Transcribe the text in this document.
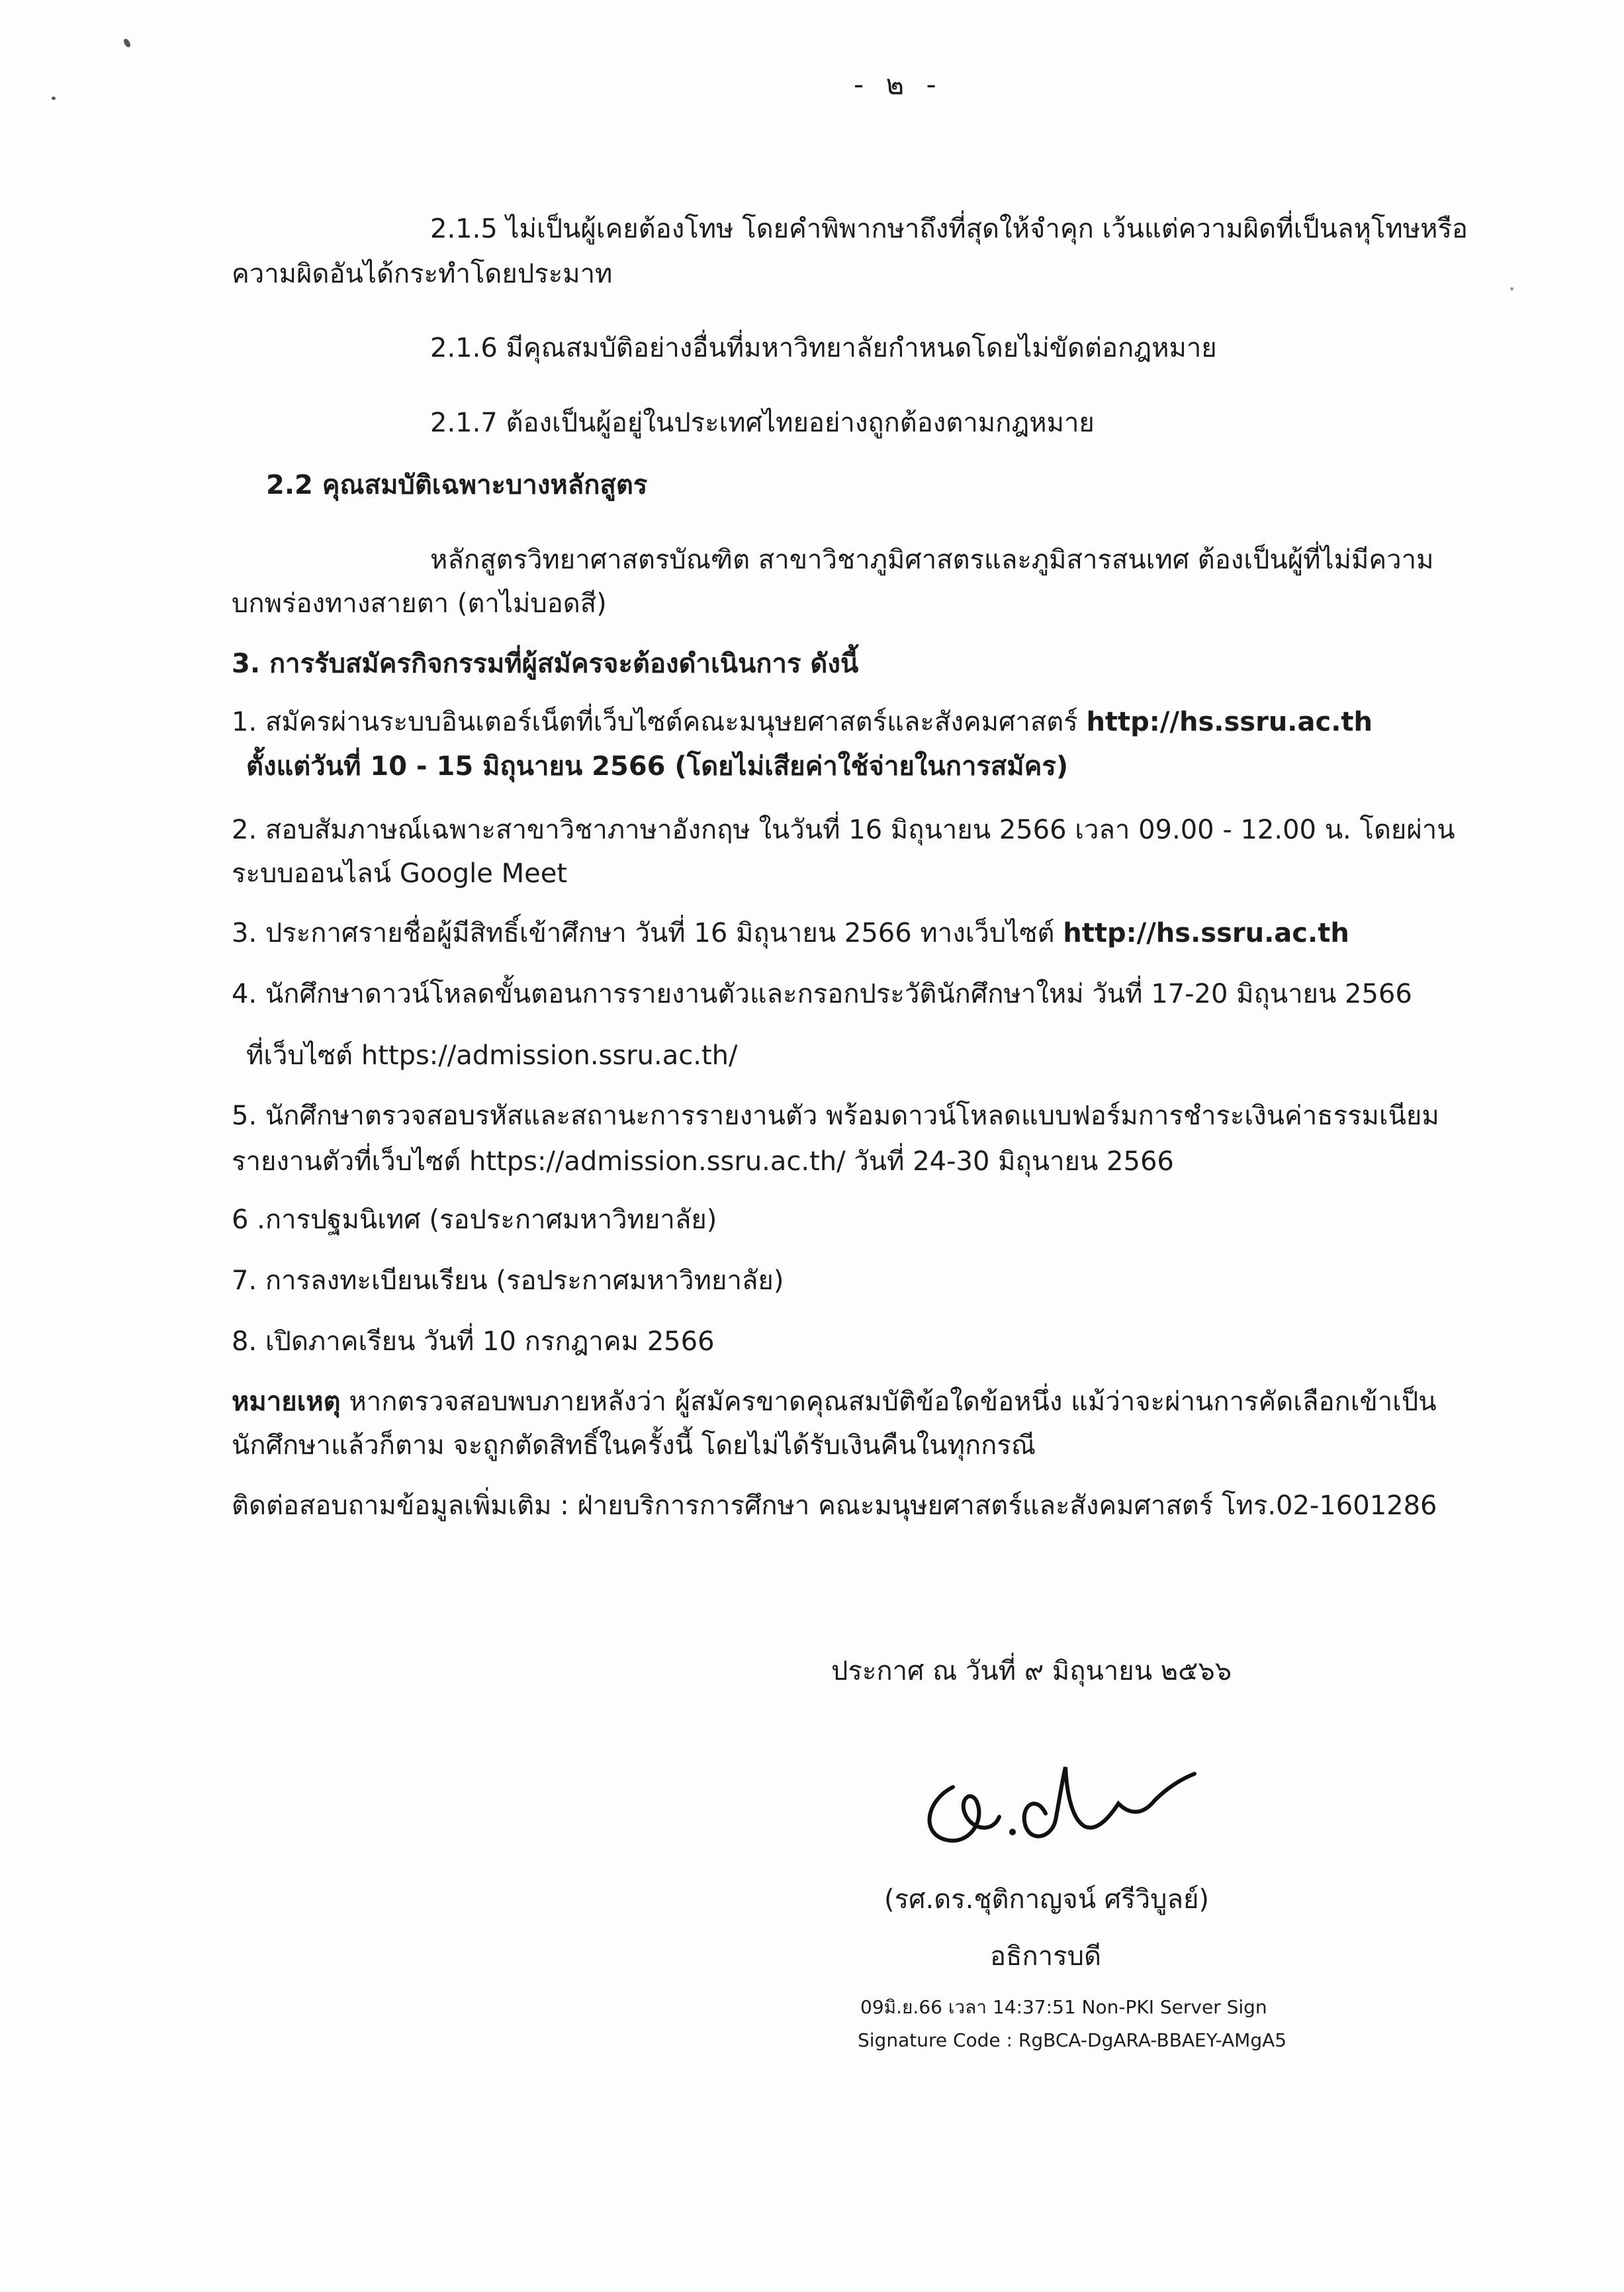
- ๒ -
2.1.5 ไม่เป็นผู้เคยต้องโทษ โดยคำพิพากษาถึงที่สุดให้จำคุก เว้นแต่ความผิดที่เป็นลหุโทษหรือ
ความผิดอันได้กระทำโดยประมาท
2.1.6 มีคุณสมบัติอย่างอื่นที่มหาวิทยาลัยกำหนดโดยไม่ขัดต่อกฎหมาย
2.1.7 ต้องเป็นผู้อยู่ในประเทศไทยอย่างถูกต้องตามกฎหมาย
2.2 คุณสมบัติเฉพาะบางหลักสูตร
หลักสูตรวิทยาศาสตรบัณฑิต สาขาวิชาภูมิศาสตรและภูมิสารสนเทศ ต้องเป็นผู้ที่ไม่มีความ
บกพร่องทางสายตา (ตาไม่บอดสี)
3. การรับสมัครกิจกรรมที่ผู้สมัครจะต้องดำเนินการ ดังนี้
1. สมัครผ่านระบบอินเตอร์เน็ตที่เว็บไซต์คณะมนุษยศาสตร์และสังคมศาสตร์ http://hs.ssru.ac.th
ตั้งแต่วันที่ 10 - 15 มิถุนายน 2566 (โดยไม่เสียค่าใช้จ่ายในการสมัคร)
2. สอบสัมภาษณ์เฉพาะสาขาวิชาภาษาอังกฤษ ในวันที่ 16 มิถุนายน 2566 เวลา 09.00 - 12.00 น. โดยผ่าน
ระบบออนไลน์ Google Meet
3. ประกาศรายชื่อผู้มีสิทธิ์เข้าศึกษา วันที่ 16 มิถุนายน 2566 ทางเว็บไซต์ http://hs.ssru.ac.th
4. นักศึกษาดาวน์โหลดขั้นตอนการรายงานตัวและกรอกประวัตินักศึกษาใหม่ วันที่ 17-20 มิถุนายน 2566
ที่เว็บไซต์ https://admission.ssru.ac.th/
5. นักศึกษาตรวจสอบรหัสและสถานะการรายงานตัว พร้อมดาวน์โหลดแบบฟอร์มการชำระเงินค่าธรรมเนียม
รายงานตัวที่เว็บไซต์ https://admission.ssru.ac.th/ วันที่ 24-30 มิถุนายน 2566
6 .การปฐมนิเทศ (รอประกาศมหาวิทยาลัย)
7. การลงทะเบียนเรียน (รอประกาศมหาวิทยาลัย)
8. เปิดภาคเรียน วันที่ 10 กรกฎาคม 2566
หมายเหตุ หากตรวจสอบพบภายหลังว่า ผู้สมัครขาดคุณสมบัติข้อใดข้อหนึ่ง แม้ว่าจะผ่านการคัดเลือกเข้าเป็น
นักศึกษาแล้วก็ตาม จะถูกตัดสิทธิ์ในครั้งนี้ โดยไม่ได้รับเงินคืนในทุกกรณี
ติดต่อสอบถามข้อมูลเพิ่มเติม : ฝ่ายบริการการศึกษา คณะมนุษยศาสตร์และสังคมศาสตร์ โทร.02-1601286
ประกาศ ณ วันที่ ๙ มิถุนายน ๒๕๖๖
(รศ.ดร.ชุติกาญจน์ ศรีวิบูลย์)
อธิการบดี
09มิ.ย.66 เวลา 14:37:51 Non-PKI Server Sign
Signature Code : RgBCA-DgARA-BBAEY-AMgA5
